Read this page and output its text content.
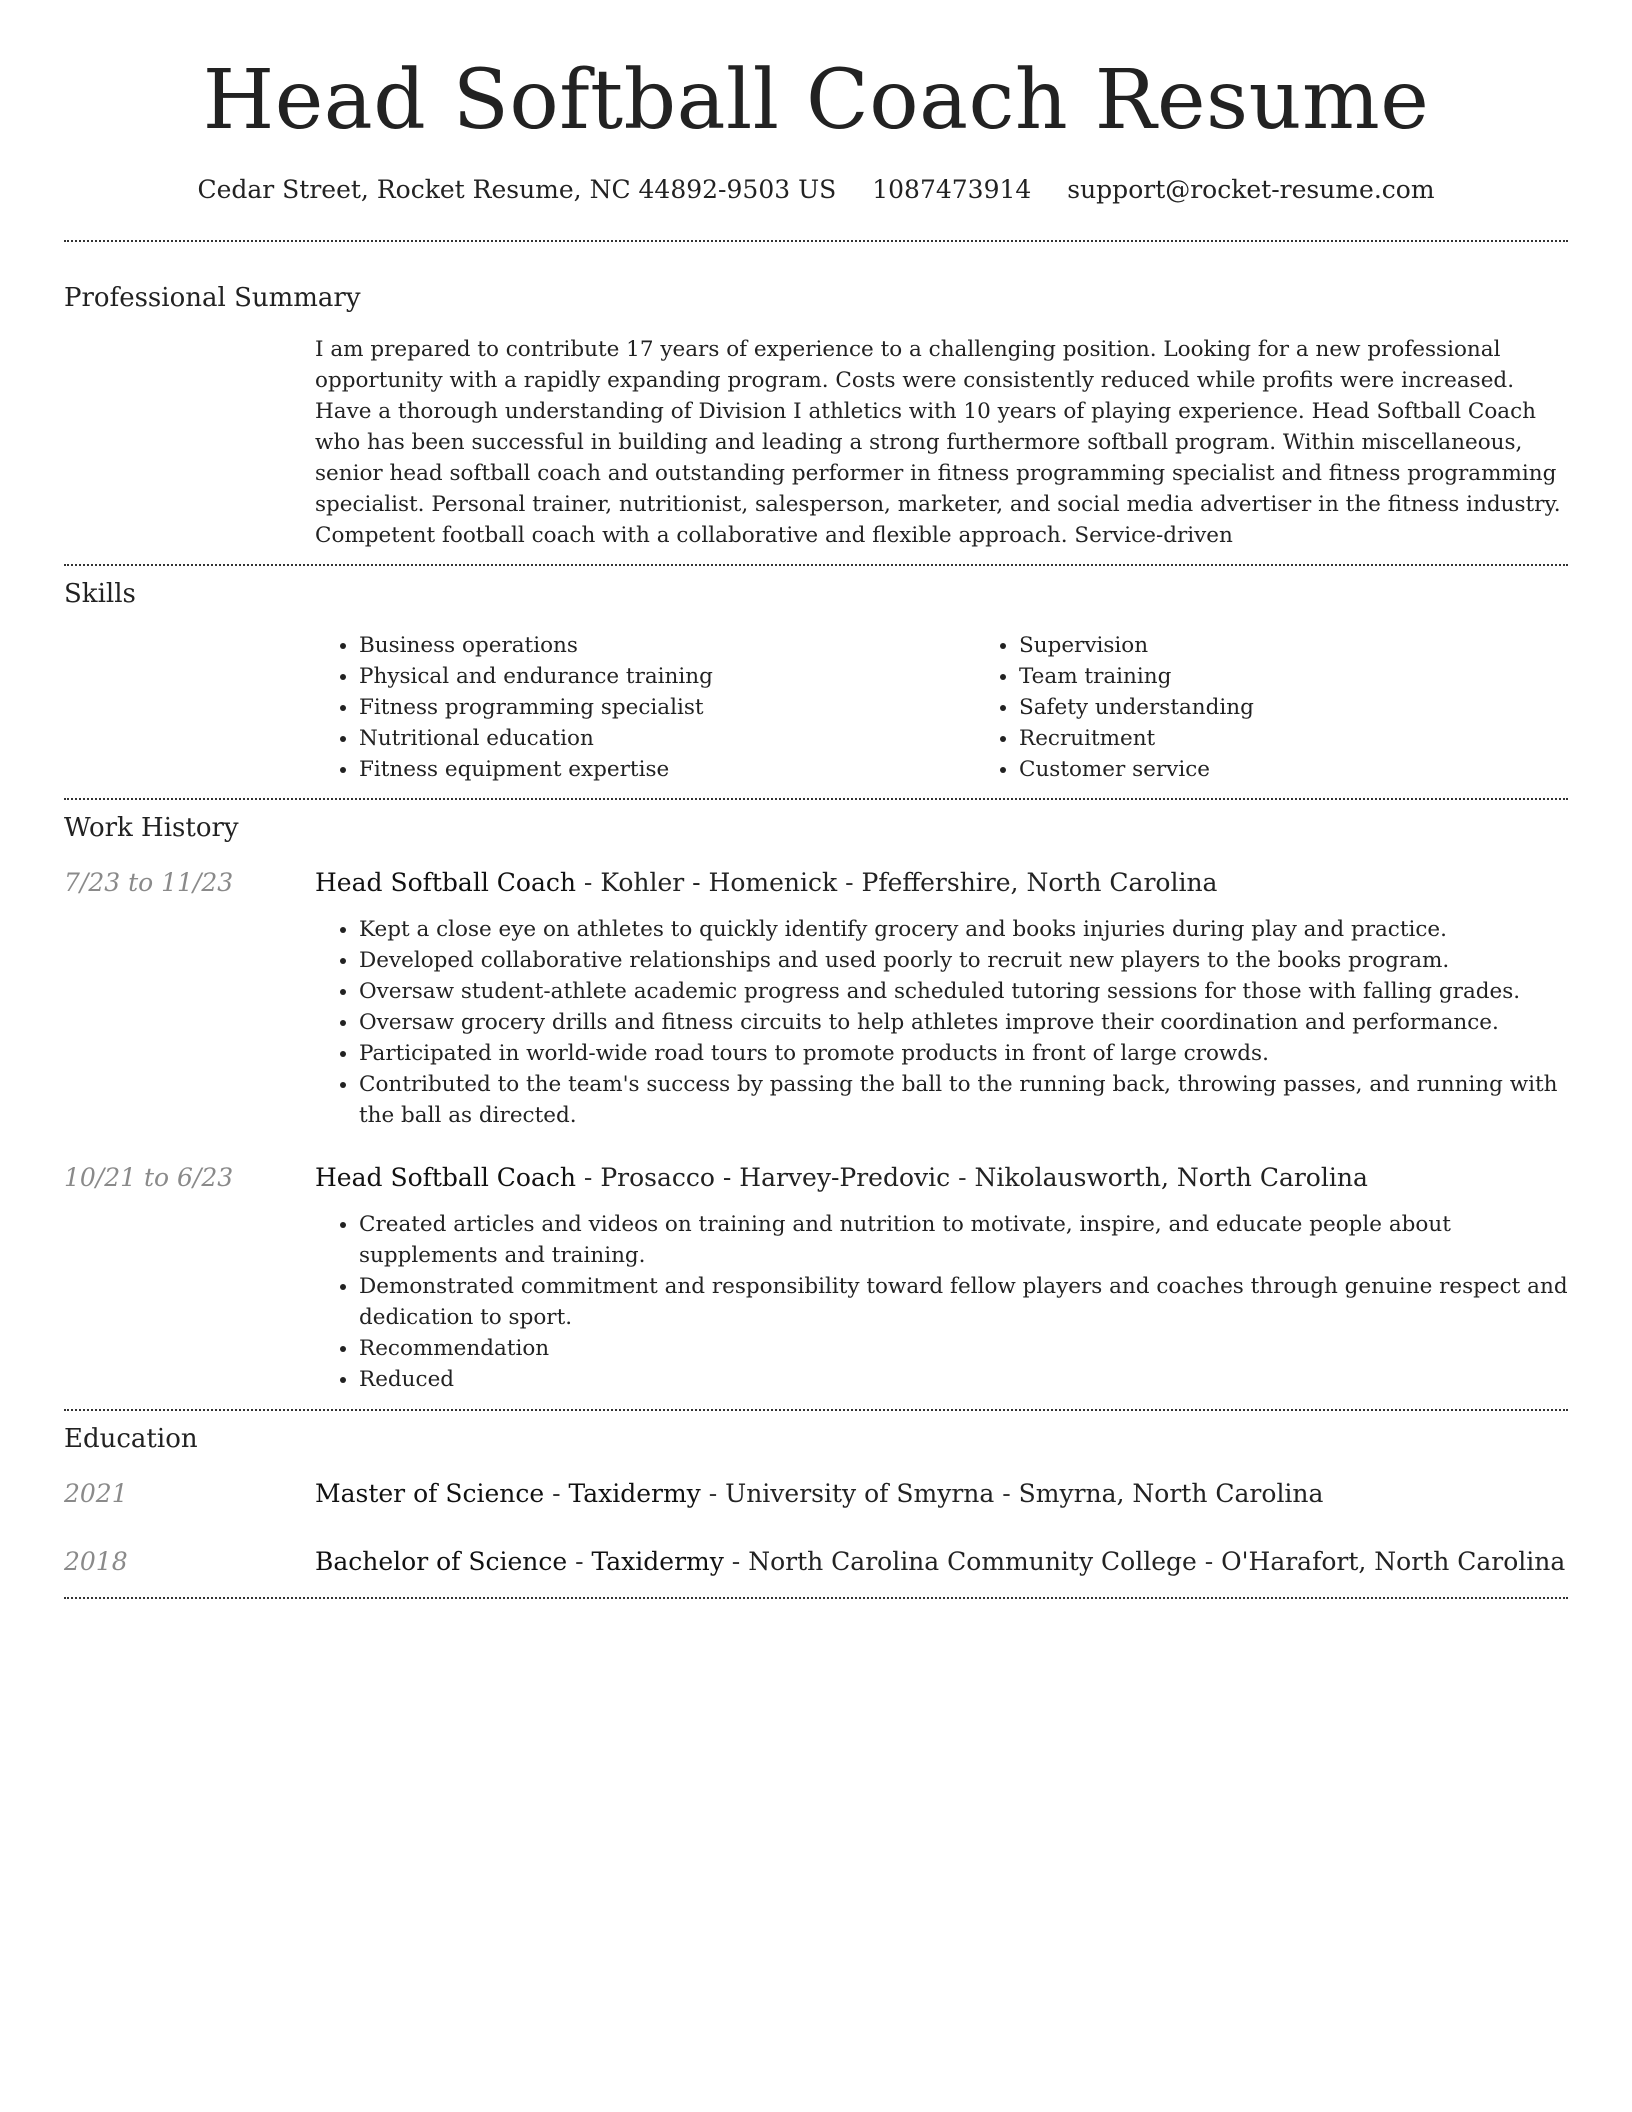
Head Softball Coach Resume
Cedar Street, Rocket Resume, NC 44892-9503 US 1087473914 support@rocket-resume.com
Professional Summary

I am prepared to contribute 17 years of experience to a challenging position. Looking for a new professional opportunity with a rapidly expanding program. Costs were consistently reduced while profits were increased. Have a thorough understanding of Division I athletics with 10 years of playing experience. Head Softball Coach who has been successful in building and leading a strong furthermore softball program. Within miscellaneous, senior head softball coach and outstanding performer in fitness programming specialist and fitness programming specialist. Personal trainer, nutritionist, salesperson, marketer, and social media advertiser in the fitness industry. Competent football coach with a collaborative and flexible approach. Service-driven

Skills
• Business operations
• Physical and endurance training
• Fitness programming specialist
• Nutritional education
• Fitness equipment expertise
• Supervision
• Team training
• Safety understanding
• Recruitment
• Customer service
Work History
7/23 to 11/23	Head Softball Coach - Kohler - Homenick - Pfeffershire, North Carolina
• Kept a close eye on athletes to quickly identify grocery and books injuries during play and practice.
• Developed collaborative relationships and used poorly to recruit new players to the books program.
• Oversaw student-athlete academic progress and scheduled tutoring sessions for those with falling grades.
• Oversaw grocery drills and fitness circuits to help athletes improve their coordination and performance.
• Participated in world-wide road tours to promote products in front of large crowds.
• Contributed to the team's success by passing the ball to the running back, throwing passes, and running with the ball as directed.
10/21 to 6/23	Head Softball Coach - Prosacco - Harvey-Predovic - Nikolausworth, North Carolina
• Created articles and videos on training and nutrition to motivate, inspire, and educate people about supplements and training.
• Demonstrated commitment and responsibility toward fellow players and coaches through genuine respect and dedication to sport.
• Recommendation
• Reduced
Education
2021	Master of Science - Taxidermy - University of Smyrna - Smyrna, North Carolina
2018	Bachelor of Science - Taxidermy - North Carolina Community College - O'Harafort, North Carolina
